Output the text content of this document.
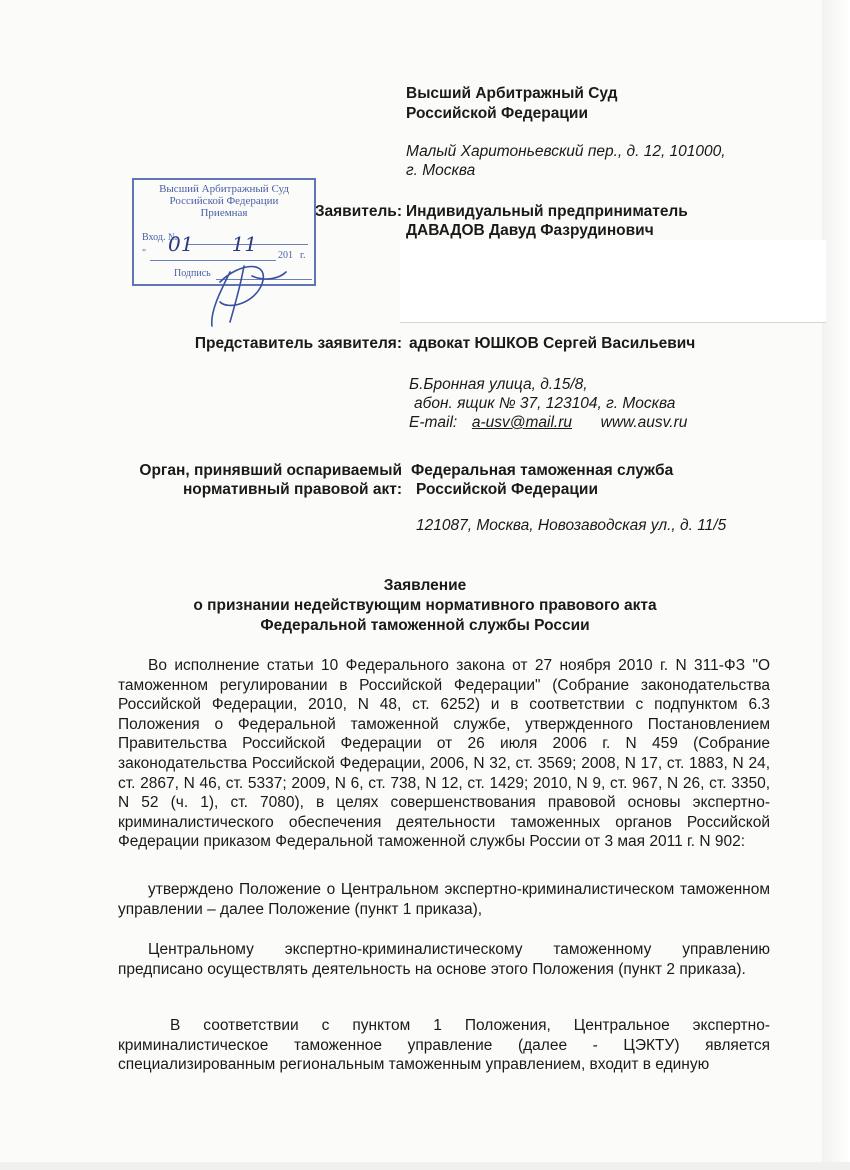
Высший Арбитражный Суд
Российской Федерации
Малый Харитоньевский пер., д. 12, 101000,
г. Москва
Заявитель: Индивидуальный предприниматель
ДАВАДОВ Давуд Фазрудинович
Высший Арбитражный Суд
Российской Федерации
Приемная
Вход. №
"	201 г.
Подпись
01      11
Представитель заявителя: адвокат ЮШКОВ Сергей Васильевич
Б.Бронная улица, д.15/8,
абон. ящик № 37, 123104, г. Москва
E-mail: a-usv@mail.ru www.ausv.ru
Орган, принявший оспариваемый
нормативный правовой акт:
Федеральная таможенная служба
Российской Федерации
121087, Москва, Новозаводская ул., д. 11/5
Заявление
о признании недействующим нормативного правового акта
Федеральной таможенной службы России
Во исполнение статьи 10 Федерального закона от 27 ноября 2010 г. N 311-ФЗ "О таможенном регулировании в Российской Федерации" (Собрание законодательства Российской Федерации, 2010, N 48, ст. 6252) и в соответствии с подпунктом 6.3 Положения о Федеральной таможенной службе, утвержденного Постановлением Правительства Российской Федерации от 26 июля 2006 г. N 459 (Собрание законодательства Российской Федерации, 2006, N 32, ст. 3569; 2008, N 17, ст. 1883, N 24, ст. 2867, N 46, ст. 5337; 2009, N 6, ст. 738, N 12, ст. 1429; 2010, N 9, ст. 967, N 26, ст. 3350, N 52 (ч. 1), ст. 7080), в целях совершенствования правовой основы экспертно-криминалистического обеспечения деятельности таможенных органов Российской Федерации приказом Федеральной таможенной службы России от 3 мая 2011 г. N 902:
утверждено Положение о Центральном экспертно-криминалистическом таможенном управлении – далее Положение (пункт 1 приказа),
Центральному экспертно-криминалистическому таможенному управлению предписано осуществлять деятельность на основе этого Положения (пункт 2 приказа).
В соответствии с пунктом 1 Положения, Центральное экспертно-криминалистическое таможенное управление (далее - ЦЭКТУ) является специализированным региональным таможенным управлением, входит в единую
